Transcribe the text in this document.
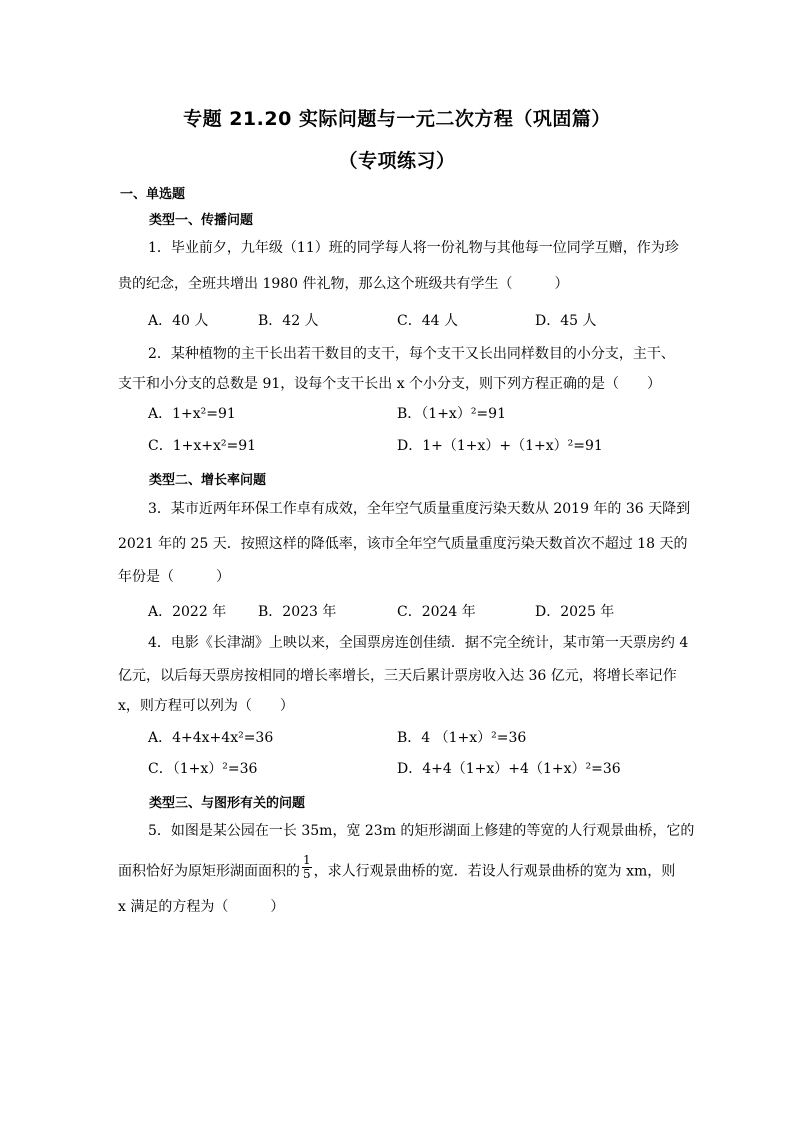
专题 21.20 实际问题与一元二次方程（巩固篇）
（专项练习）
一、单选题
类型一、传播问题
1．毕业前夕，九年级（11）班的同学每人将一份礼物与其他每一位同学互赠，作为珍
贵的纪念，全班共增出 1980 件礼物，那么这个班级共有学生（　　　）
A．40 人	B．42 人	C．44 人	D．45 人
2．某种植物的主干长出若干数目的支干，每个支干又长出同样数目的小分支，主干、
支干和小分支的总数是 91，设每个支干长出 x 个小分支，则下列方程正确的是（　　）
A．1+x²=91	B．（1+x）²=91
C．1+x+x²=91	D．1+（1+x）+（1+x）²=91
类型二、增长率问题
3．某市近两年环保工作卓有成效，全年空气质量重度污染天数从 2019 年的 36 天降到
2021 年的 25 天．按照这样的降低率，该市全年空气质量重度污染天数首次不超过 18 天的
年份是（　　　）
A．2022 年 B．2023 年	C．2024 年	D．2025 年
4．电影《长津湖》上映以来，全国票房连创佳绩．据不完全统计，某市第一天票房约 4
亿元，以后每天票房按相同的增长率增长，三天后累计票房收入达 36 亿元，将增长率记作
x，则方程可以列为（　　）
A．4+4x+4x²=36	B．4 （1+x）²=36
C．（1+x）²=36	D．4+4（1+x）+4（1+x）²=36
类型三、与图形有关的问题
5．如图是某公园在一长 35m，宽 23m 的矩形湖面上修建的等宽的人行观景曲桥，它的
面积恰好为原矩形湖面面积的 $\frac{1}{5}$ ，求人行观景曲桥的宽．若设人行观景曲桥的宽为 xm，则
x 满足的方程为（　　　）
